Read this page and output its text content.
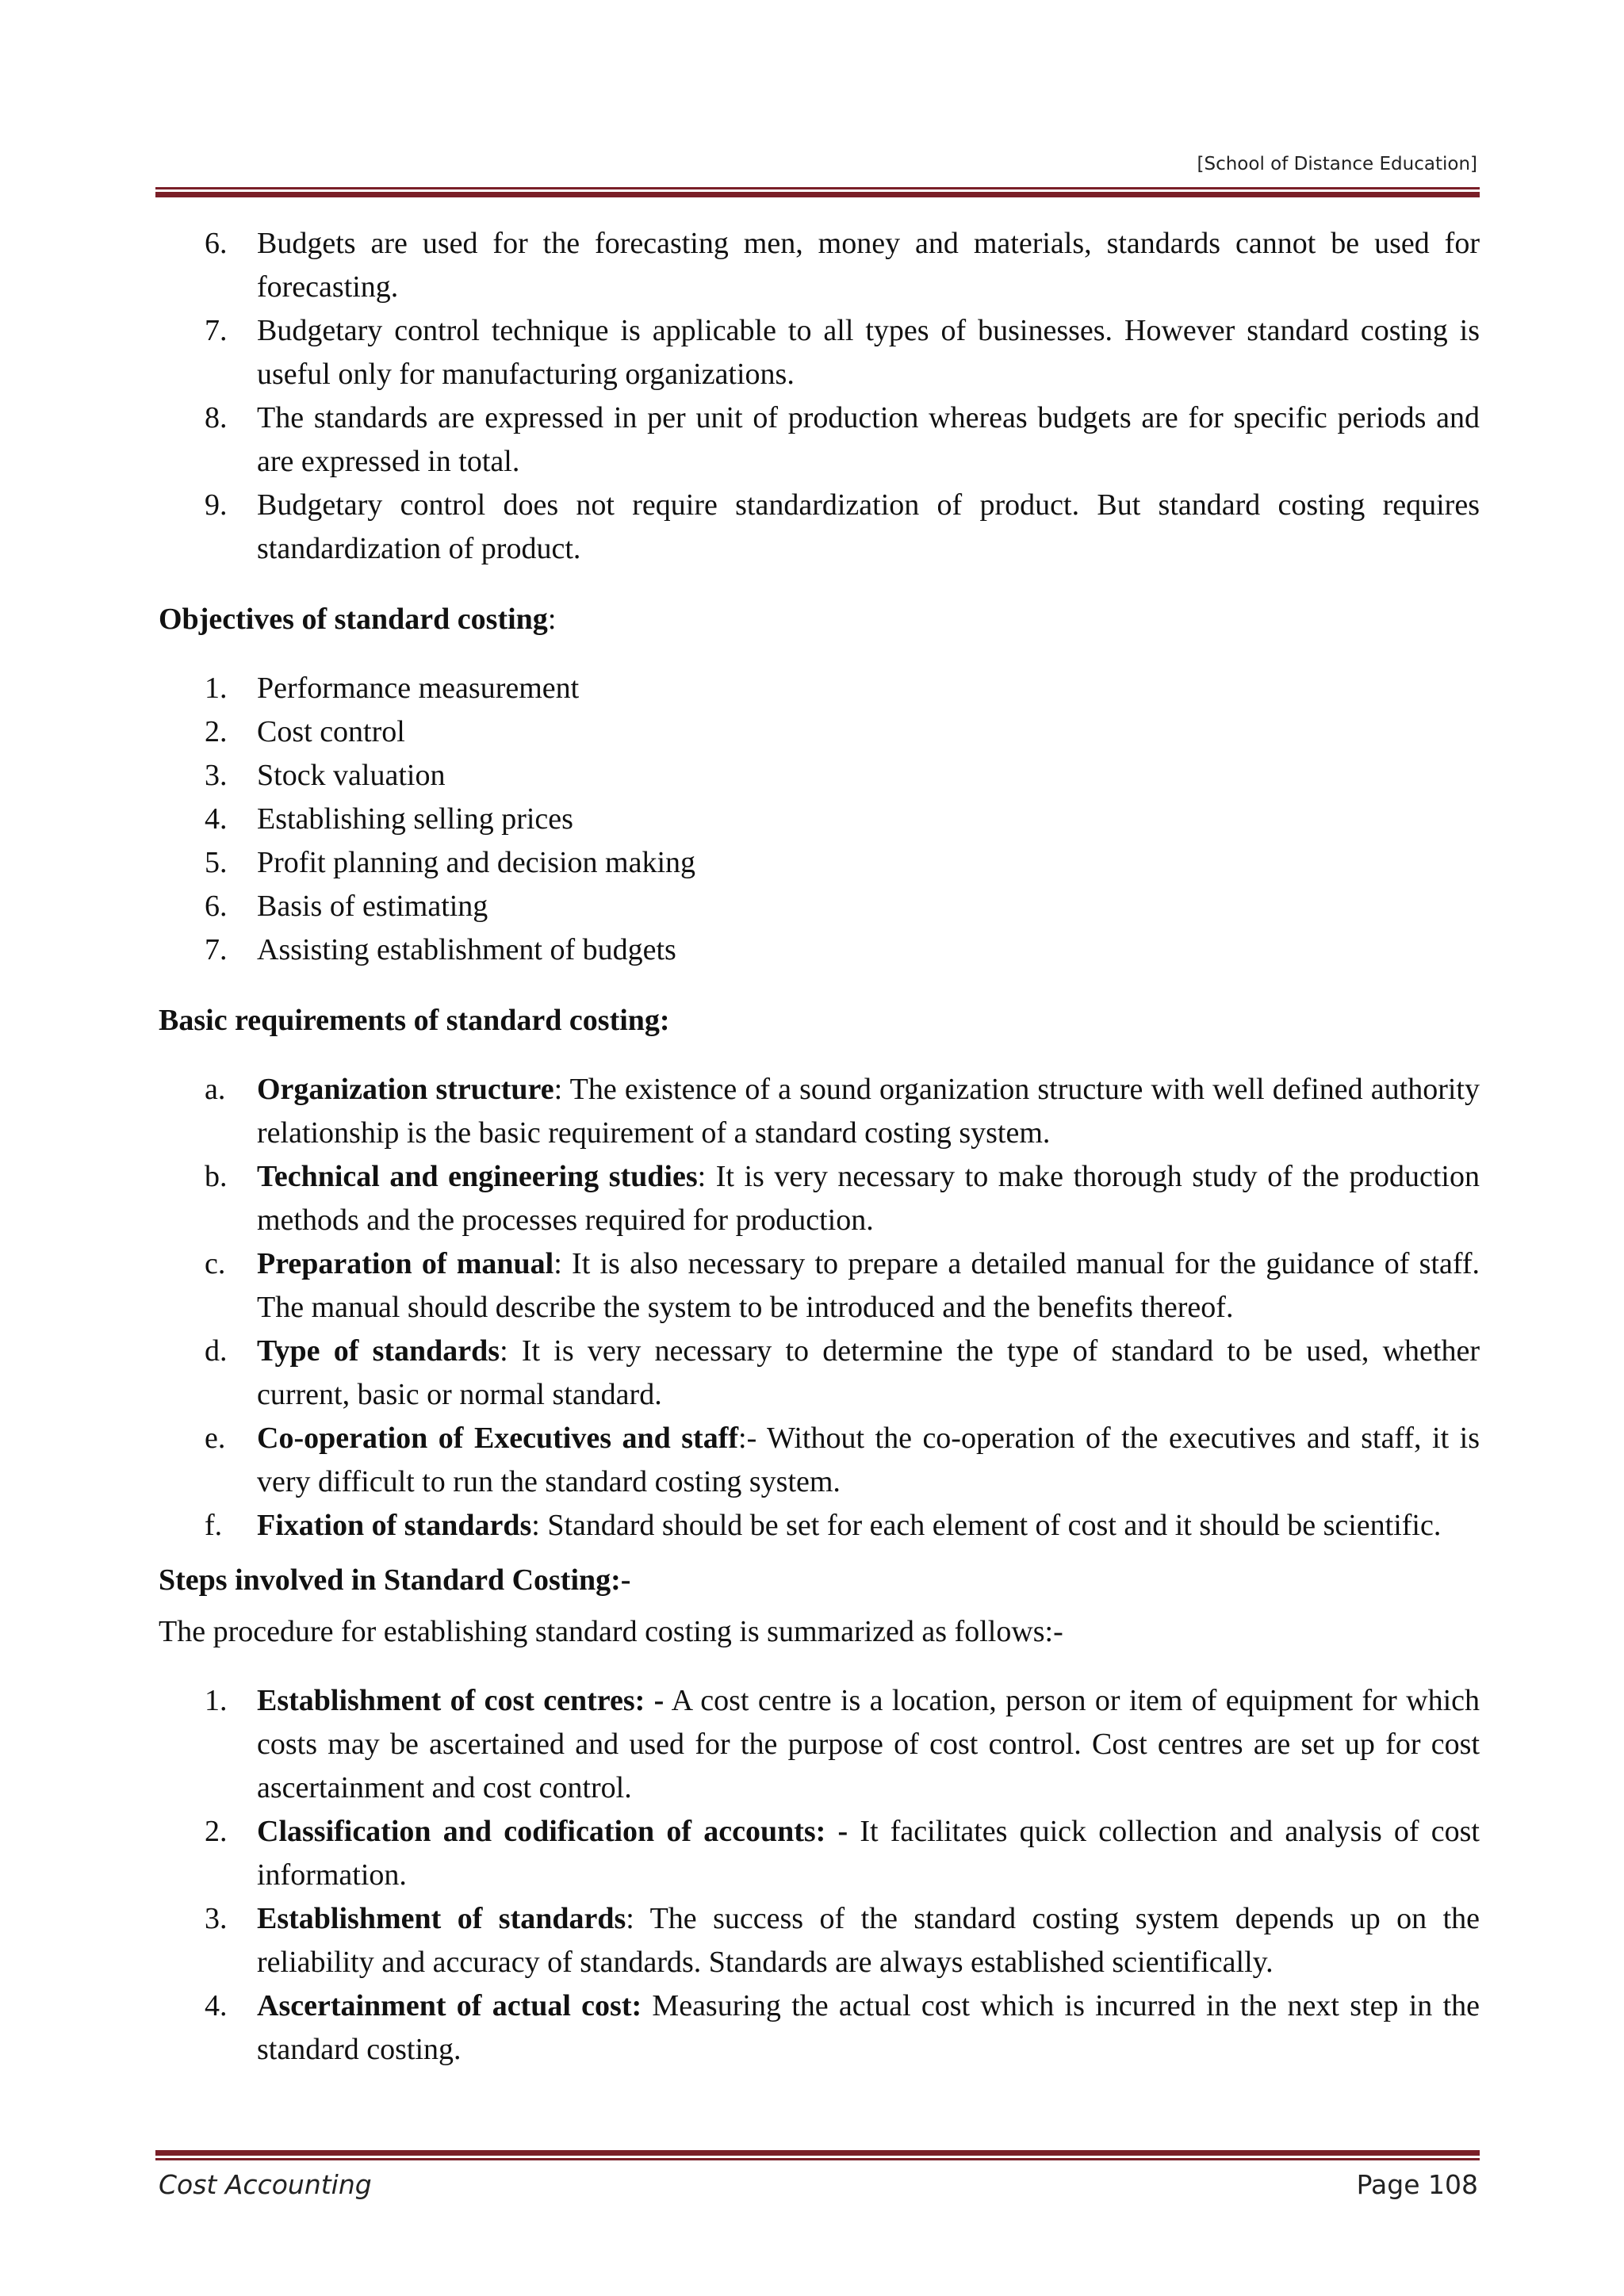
[School of Distance Education]
6. Budgets are used for the forecasting men, money and materials, standards cannot be used for forecasting.
7. Budgetary control technique is applicable to all types of businesses. However standard costing is useful only for manufacturing organizations.
8. The standards are expressed in per unit of production whereas budgets are for specific periods and are expressed in total.
9. Budgetary control does not require standardization of product. But standard costing requires standardization of product.
Objectives of standard costing:
1. Performance measurement
2. Cost control
3. Stock valuation
4. Establishing selling prices
5. Profit planning and decision making
6. Basis of estimating
7. Assisting establishment of budgets
Basic requirements of standard costing:
a.	Organization structure: The existence of a sound organization structure with well defined authority relationship is the basic requirement of a standard costing system.
b. Technical and engineering studies: It is very necessary to make thorough study of the production methods and the processes required for production.
c.	Preparation of manual: It is also necessary to prepare a detailed manual for the guidance of staff. The manual should describe the system to be introduced and the benefits thereof.
d. Type of standards: It is very necessary to determine the type of standard to be used, whether current, basic or normal standard.
e.	Co-operation of Executives and staff:- Without the co-operation of the executives and staff, it is very difficult to run the standard costing system.
f.	Fixation of standards: Standard should be set for each element of cost and it should be scientific.
Steps involved in Standard Costing:-
The procedure for establishing standard costing is summarized as follows:-
1. Establishment of cost centres: - A cost centre is a location, person or item of equipment for which costs may be ascertained and used for the purpose of cost control. Cost centres are set up for cost ascertainment and cost control.
2. Classification and codification of accounts: - It facilitates quick collection and analysis of cost information.
3. Establishment of standards: The success of the standard costing system depends up on the reliability and accuracy of standards. Standards are always established scientifically.
4. Ascertainment of actual cost: Measuring the actual cost which is incurred in the next step in the standard costing.
Cost Accounting	Page 108
